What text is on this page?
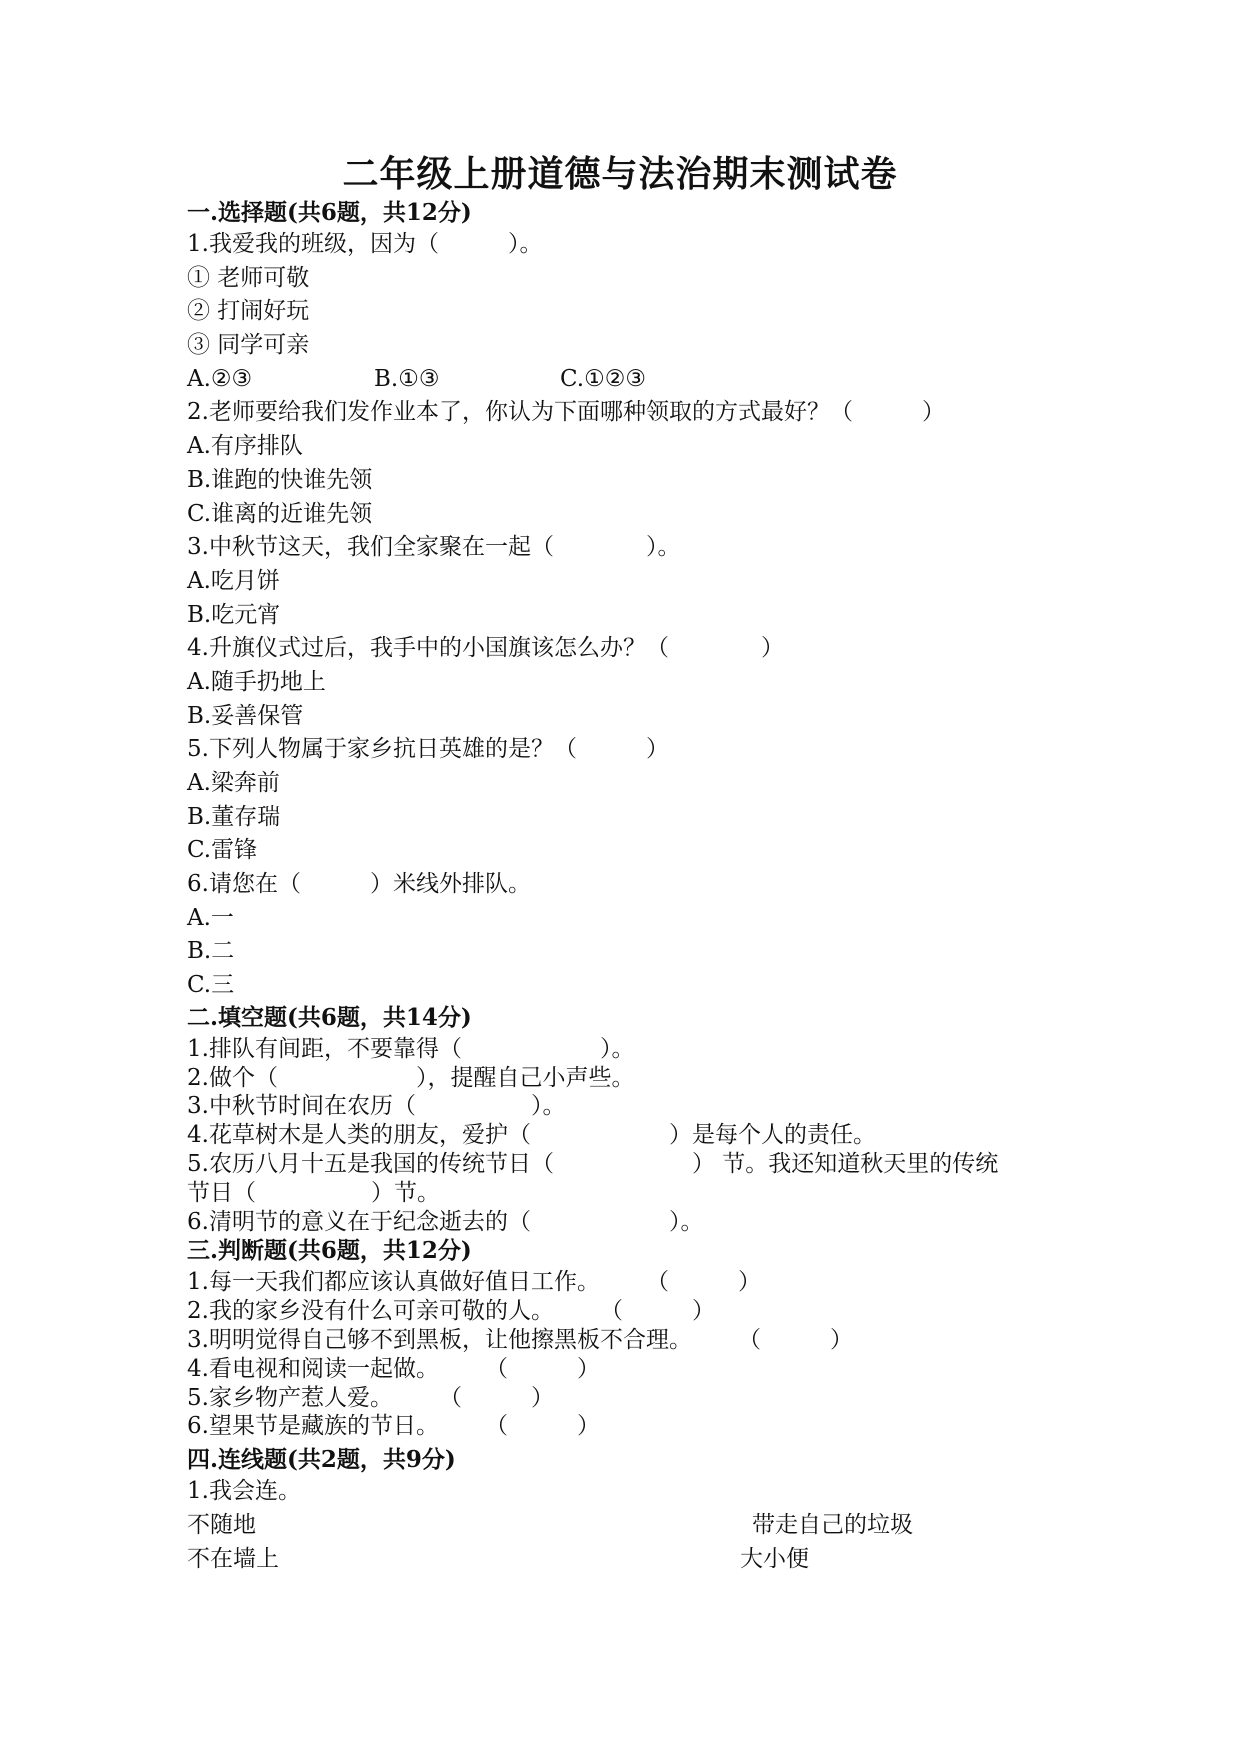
二年级上册道德与法治期末测试卷
一.选择题(共6题，共12分)
1.我爱我的班级，因为（　　　）。
① 老师可敬
② 打闹好玩
③ 同学可亲
A.②③	B.①③	C.①②③
2.老师要给我们发作业本了，你认为下面哪种领取的方式最好？（　　　）
A.有序排队
B.谁跑的快谁先领
C.谁离的近谁先领
3.中秋节这天，我们全家聚在一起（　　　　）。
A.吃月饼
B.吃元宵
4.升旗仪式过后，我手中的小国旗该怎么办？（　　　　）
A.随手扔地上
B.妥善保管
5.下列人物属于家乡抗日英雄的是？（　　　）
A.梁奔前
B.董存瑞
C.雷锋
6.请您在（　　　）米线外排队。
A.一
B.二
C.三
二.填空题(共6题，共14分)
1.排队有间距，不要靠得（　　　　　　）。
2.做个（　　　　　　），提醒自己小声些。
3.中秋节时间在农历（　　　　　）。
4.花草树木是人类的朋友，爱护（　　　　　　）是每个人的责任。
5.农历八月十五是我国的传统节日（　　　　　　） 节。我还知道秋天里的传统
节日（　　　　　）节。
6.清明节的意义在于纪念逝去的（　　　　　　）。
三.判断题(共6题，共12分)
1.每一天我们都应该认真做好值日工作。　　　（　　　）
2.我的家乡没有什么可亲可敬的人。　　　（　　　）
3.明明觉得自己够不到黑板，让他擦黑板不合理。　　　（　　　）
4.看电视和阅读一起做。　　　（　　　）
5.家乡物产惹人爱。　　　（　　　）
6.望果节是藏族的节日。　　　（　　　）
四.连线题(共2题，共9分)
1.我会连。
不随地	带走自己的垃圾
不在墙上	大小便
